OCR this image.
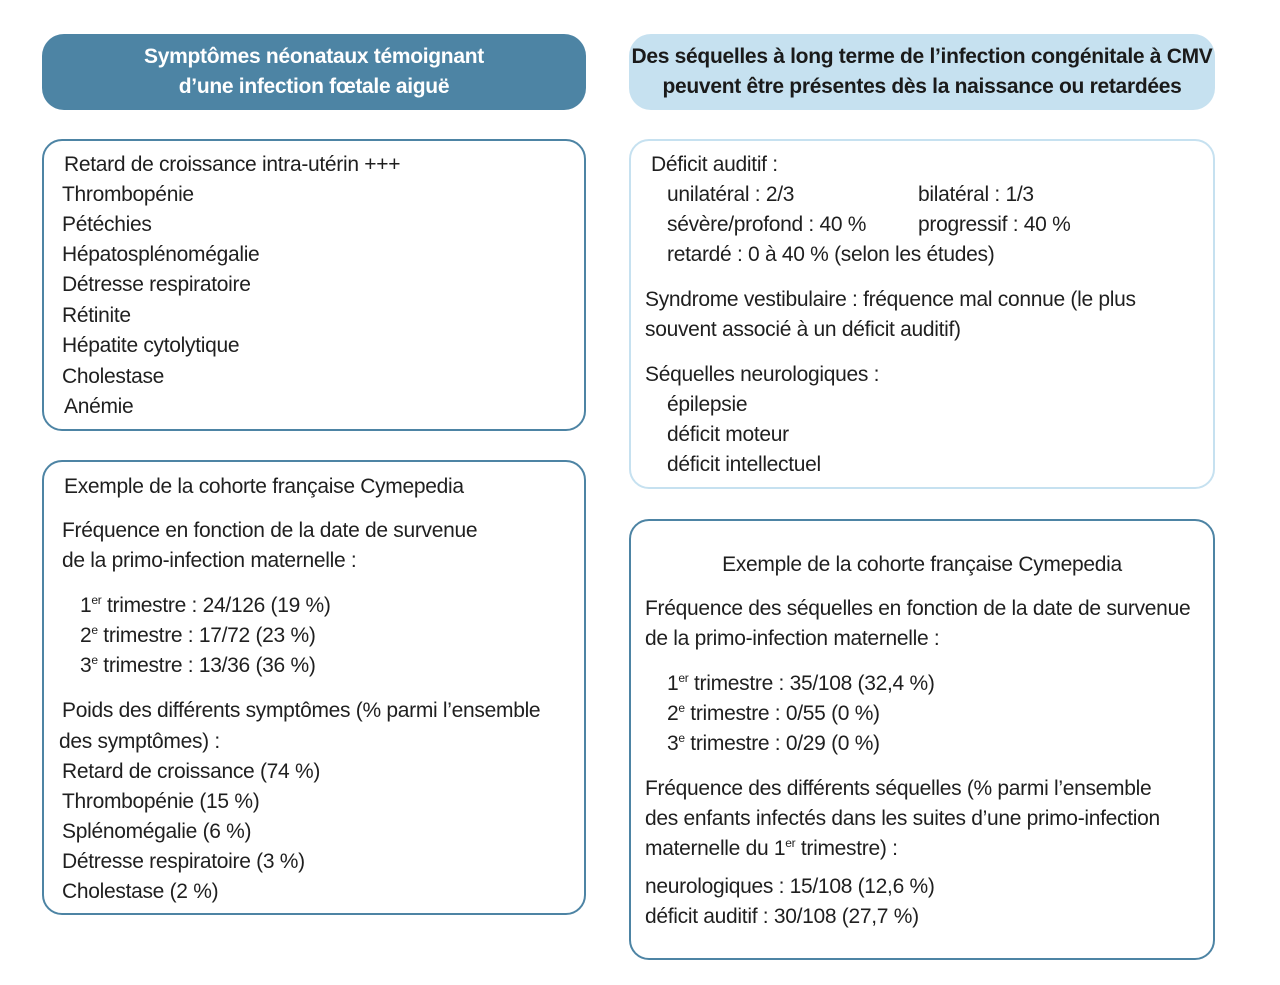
Symptômes néonataux témoignant
d’une infection fœtale aiguë
Des séquelles à long terme de l’infection congénitale à CMV
peuvent être présentes dès la naissance ou retardées
Retard de croissance intra-utérin +++
Thrombopénie
Pétéchies
Hépatosplénomégalie
Détresse respiratoire
Rétinite
Hépatite cytolytique
Cholestase
Anémie
Exemple de la cohorte française Cymepedia
Fréquence en fonction de la date de survenue
de la primo-infection maternelle :
1er trimestre : 24/126 (19 %)
2e trimestre : 17/72 (23 %)
3e trimestre : 13/36 (36 %)
Poids des différents symptômes (% parmi l’ensemble
des symptômes) :
Retard de croissance (74 %)
Thrombopénie (15 %)
Splénomégalie (6 %)
Détresse respiratoire (3 %)
Cholestase (2 %)
Déficit auditif :
unilatéral : 2/3	bilatéral : 1/3
sévère/profond : 40 % progressif : 40 %
retardé : 0 à 40 % (selon les études)
Syndrome vestibulaire : fréquence mal connue (le plus
souvent associé à un déficit auditif)
Séquelles neurologiques :
épilepsie
déficit moteur
déficit intellectuel
Exemple de la cohorte française Cymepedia
Fréquence des séquelles en fonction de la date de survenue
de la primo-infection maternelle :
1er trimestre : 35/108 (32,4 %)
2e trimestre : 0/55 (0 %)
3e trimestre : 0/29 (0 %)
Fréquence des différents séquelles (% parmi l’ensemble
des enfants infectés dans les suites d’une primo-infection
maternelle du 1er trimestre) :
neurologiques : 15/108 (12,6 %)
déficit auditif : 30/108 (27,7 %)
